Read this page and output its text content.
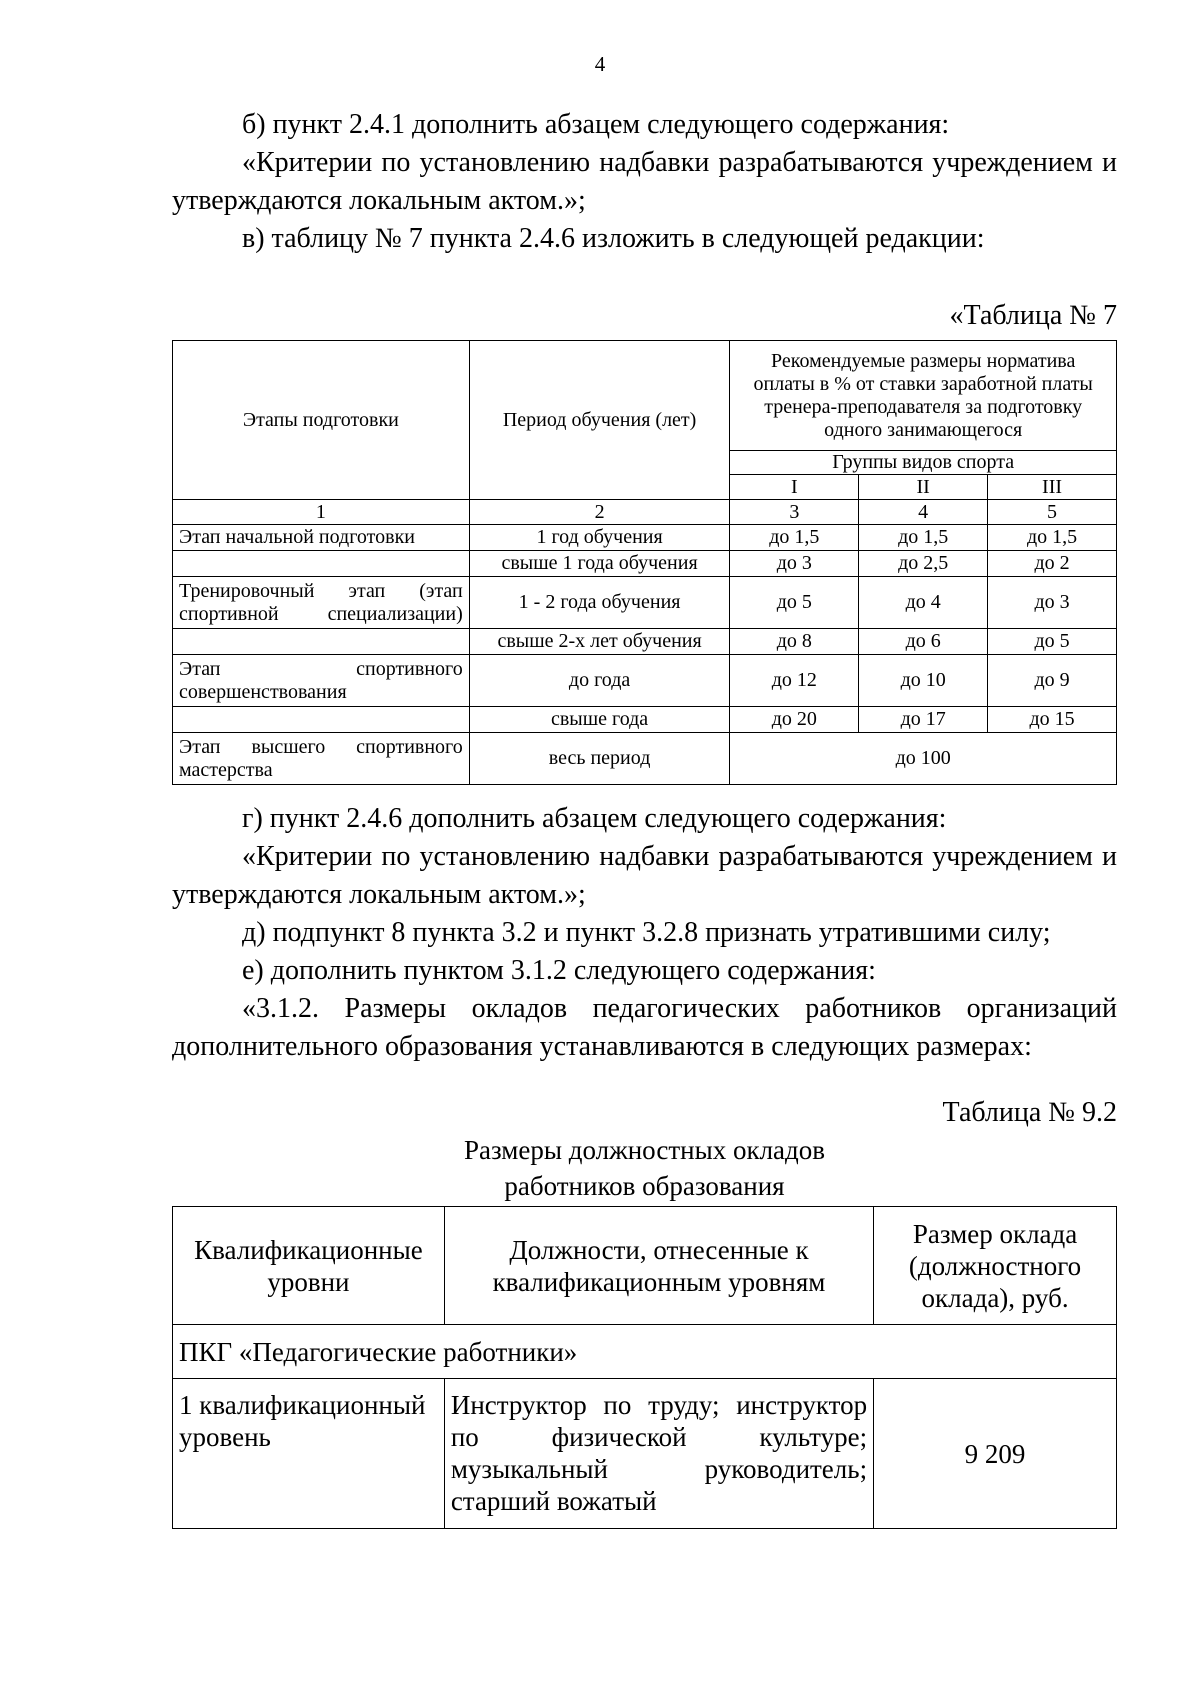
4

б) пункт 2.4.1 дополнить абзацем следующего содержания:

«Критерии по установлению надбавки разрабатываются учреждением и утверждаются локальным актом.»;

в) таблицу № 7 пункта 2.4.6 изложить в следующей редакции:

«Таблица № 7
Этапы подготовки	Период обучения (лет)	Рекомендуемые размеры норматива оплаты в % от ставки заработной платы тренера-преподавателя за подготовку одного занимающегося		
		Группы видов спорта		
		I	II	III
1	2	3	4	5
Этап начальной подготовки	1 год обучения	до 1,5	до 1,5	до 1,5
	свыше 1 года обучения	до 3	до 2,5	до 2
Тренировочный этап (этап спортивной специализации)	1 - 2 года обучения	до 5	до 4	до 3
	свыше 2-х лет обучения	до 8	до 6	до 5
Этап спортивного совершенствования	до года	до 12	до 10	до 9
	свыше года	до 20	до 17	до 15
Этап высшего спортивного мастерства	весь период	до 100		

г) пункт 2.4.6 дополнить абзацем следующего содержания:

«Критерии по установлению надбавки разрабатываются учреждением и утверждаются локальным актом.»;

д) подпункт 8 пункта 3.2 и пункт 3.2.8 признать утратившими силу;

е) дополнить пунктом 3.1.2 следующего содержания:

«3.1.2. Размеры окладов педагогических работников организаций дополнительного образования устанавливаются в следующих размерах:

Таблица № 9.2
Размеры должностных окладов
работников образования
Квалификационные уровни	Должности, отнесенные к квалификационным уровням	Размер оклада (должностного оклада), руб.
ПКГ «Педагогические работники»		
1 квалификационный уровень	Инструктор по труду; инструктор по физической культуре; музыкальный руководитель; старший вожатый	9 209
